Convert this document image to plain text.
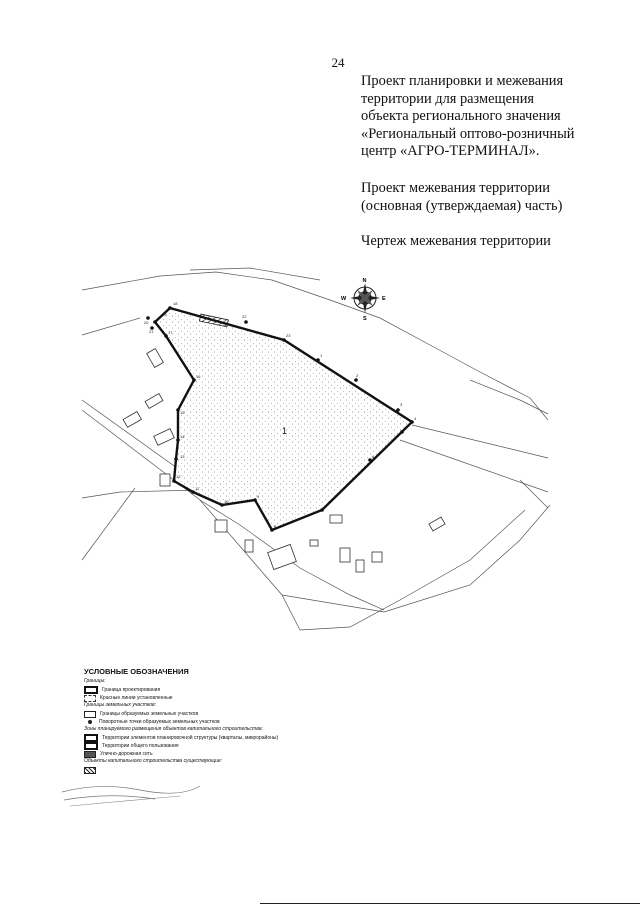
24

Проект планировки и межевания

территории для размещения

объекта регионального значения

«Региональный оптово-розничный

центр «АГРО-ТЕРМИНАЛ».

Проект межевания территории

(основная (утверждаемая) часть)

Чертеж межевания территории
18
19
20
21
22
23
1
2
3
4
5
6
7
8
9
10
11
12
13
14
15
16
17
1
N
S
W	E
УСЛОВНЫЕ ОБОЗНАЧЕНИЯ
Границы:
Граница проектирования
Красные линии установленные
Границы земельных участков:
Границы образуемых земельных участков
Поворотные точки образуемых земельных участков
Зоны планируемого размещения объектов капитального строительства:
Территории элементов планировочной структуры (кварталы, микрорайоны)
Территории общего пользования
Улично-дорожная сеть
Объекты капитального строительства существующие:
